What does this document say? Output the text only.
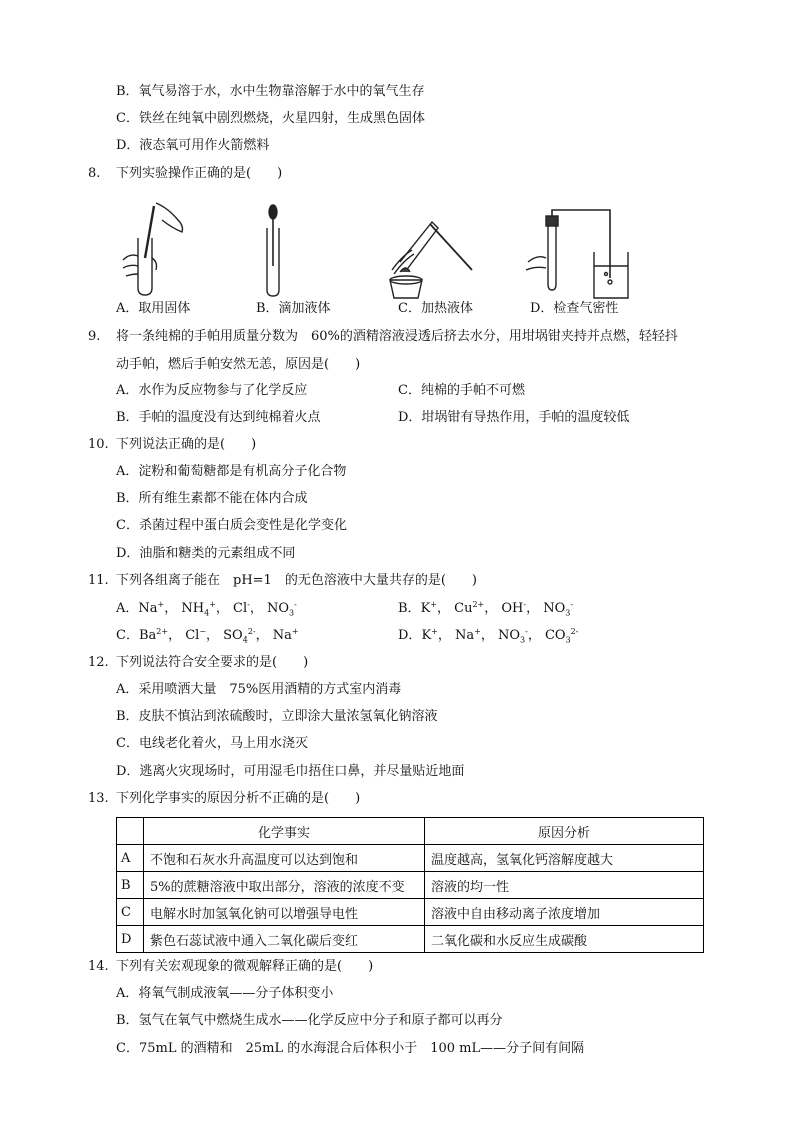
B．氧气易溶于水，水中生物靠溶解于水中的氧气生存
C．铁丝在纯氧中剧烈燃烧，火星四射，生成黑色固体
D．液态氧可用作火箭燃料
8. 下列实验操作正确的是(　　)
A．取用固体	B．滴加液体	C．加热液体	D．检查气密性
9. 将一条纯棉的手帕用质量分数为　60%的酒精溶液浸透后挤去水分，用坩埚钳夹持并点燃，轻轻抖
动手帕，燃后手帕安然无恙，原因是(　　)
A．水作为反应物参与了化学反应	C．纯棉的手帕不可燃
B．手帕的温度没有达到纯棉着火点	D．坩埚钳有导热作用，手帕的温度较低
10. 下列说法正确的是(　　)
A．淀粉和葡萄糖都是有机高分子化合物
B．所有维生素都不能在体内合成
C．杀菌过程中蛋白质会变性是化学变化
D．油脂和糖类的元素组成不同
11. 下列各组离子能在　pH=1　的无色溶液中大量共存的是(　　)
A．Na+， $NH_4^+$， Cl-， $NO_3^-$	B．K+， $Cu^{2+}$， OH-， $NO_3^-$
C．$Ba^{2+}$， Cl−， $SO_4^{2-}$， Na+	D．K+， Na+， $NO_3^-$， $CO_3^{2-}$
12. 下列说法符合安全要求的是(　　)
A．采用喷洒大量　75%医用酒精的方式室内消毒
B．皮肤不慎沾到浓硫酸时，立即涂大量浓氢氧化钠溶液
C．电线老化着火，马上用水浇灭
D．逃离火灾现场时，可用湿毛巾捂住口鼻，并尽量贴近地面
13. 下列化学事实的原因分析不正确的是(　　)
	化学事实	原因分析
A	不饱和石灰水升高温度可以达到饱和	温度越高，氢氧化钙溶解度越大
B	5%的蔗糖溶液中取出部分，溶液的浓度不变	溶液的均一性
C	电解水时加氢氧化钠可以增强导电性	溶液中自由移动离子浓度增加
D	紫色石蕊试液中通入二氧化碳后变红	二氧化碳和水反应生成碳酸
14. 下列有关宏观现象的微观解释正确的是(　　)
A．将氧气制成液氧——分子体积变小
B．氢气在氧气中燃烧生成水——化学反应中分子和原子都可以再分
C．75mL 的酒精和　25mL 的水海混合后体积小于　100 mL——分子间有间隔
